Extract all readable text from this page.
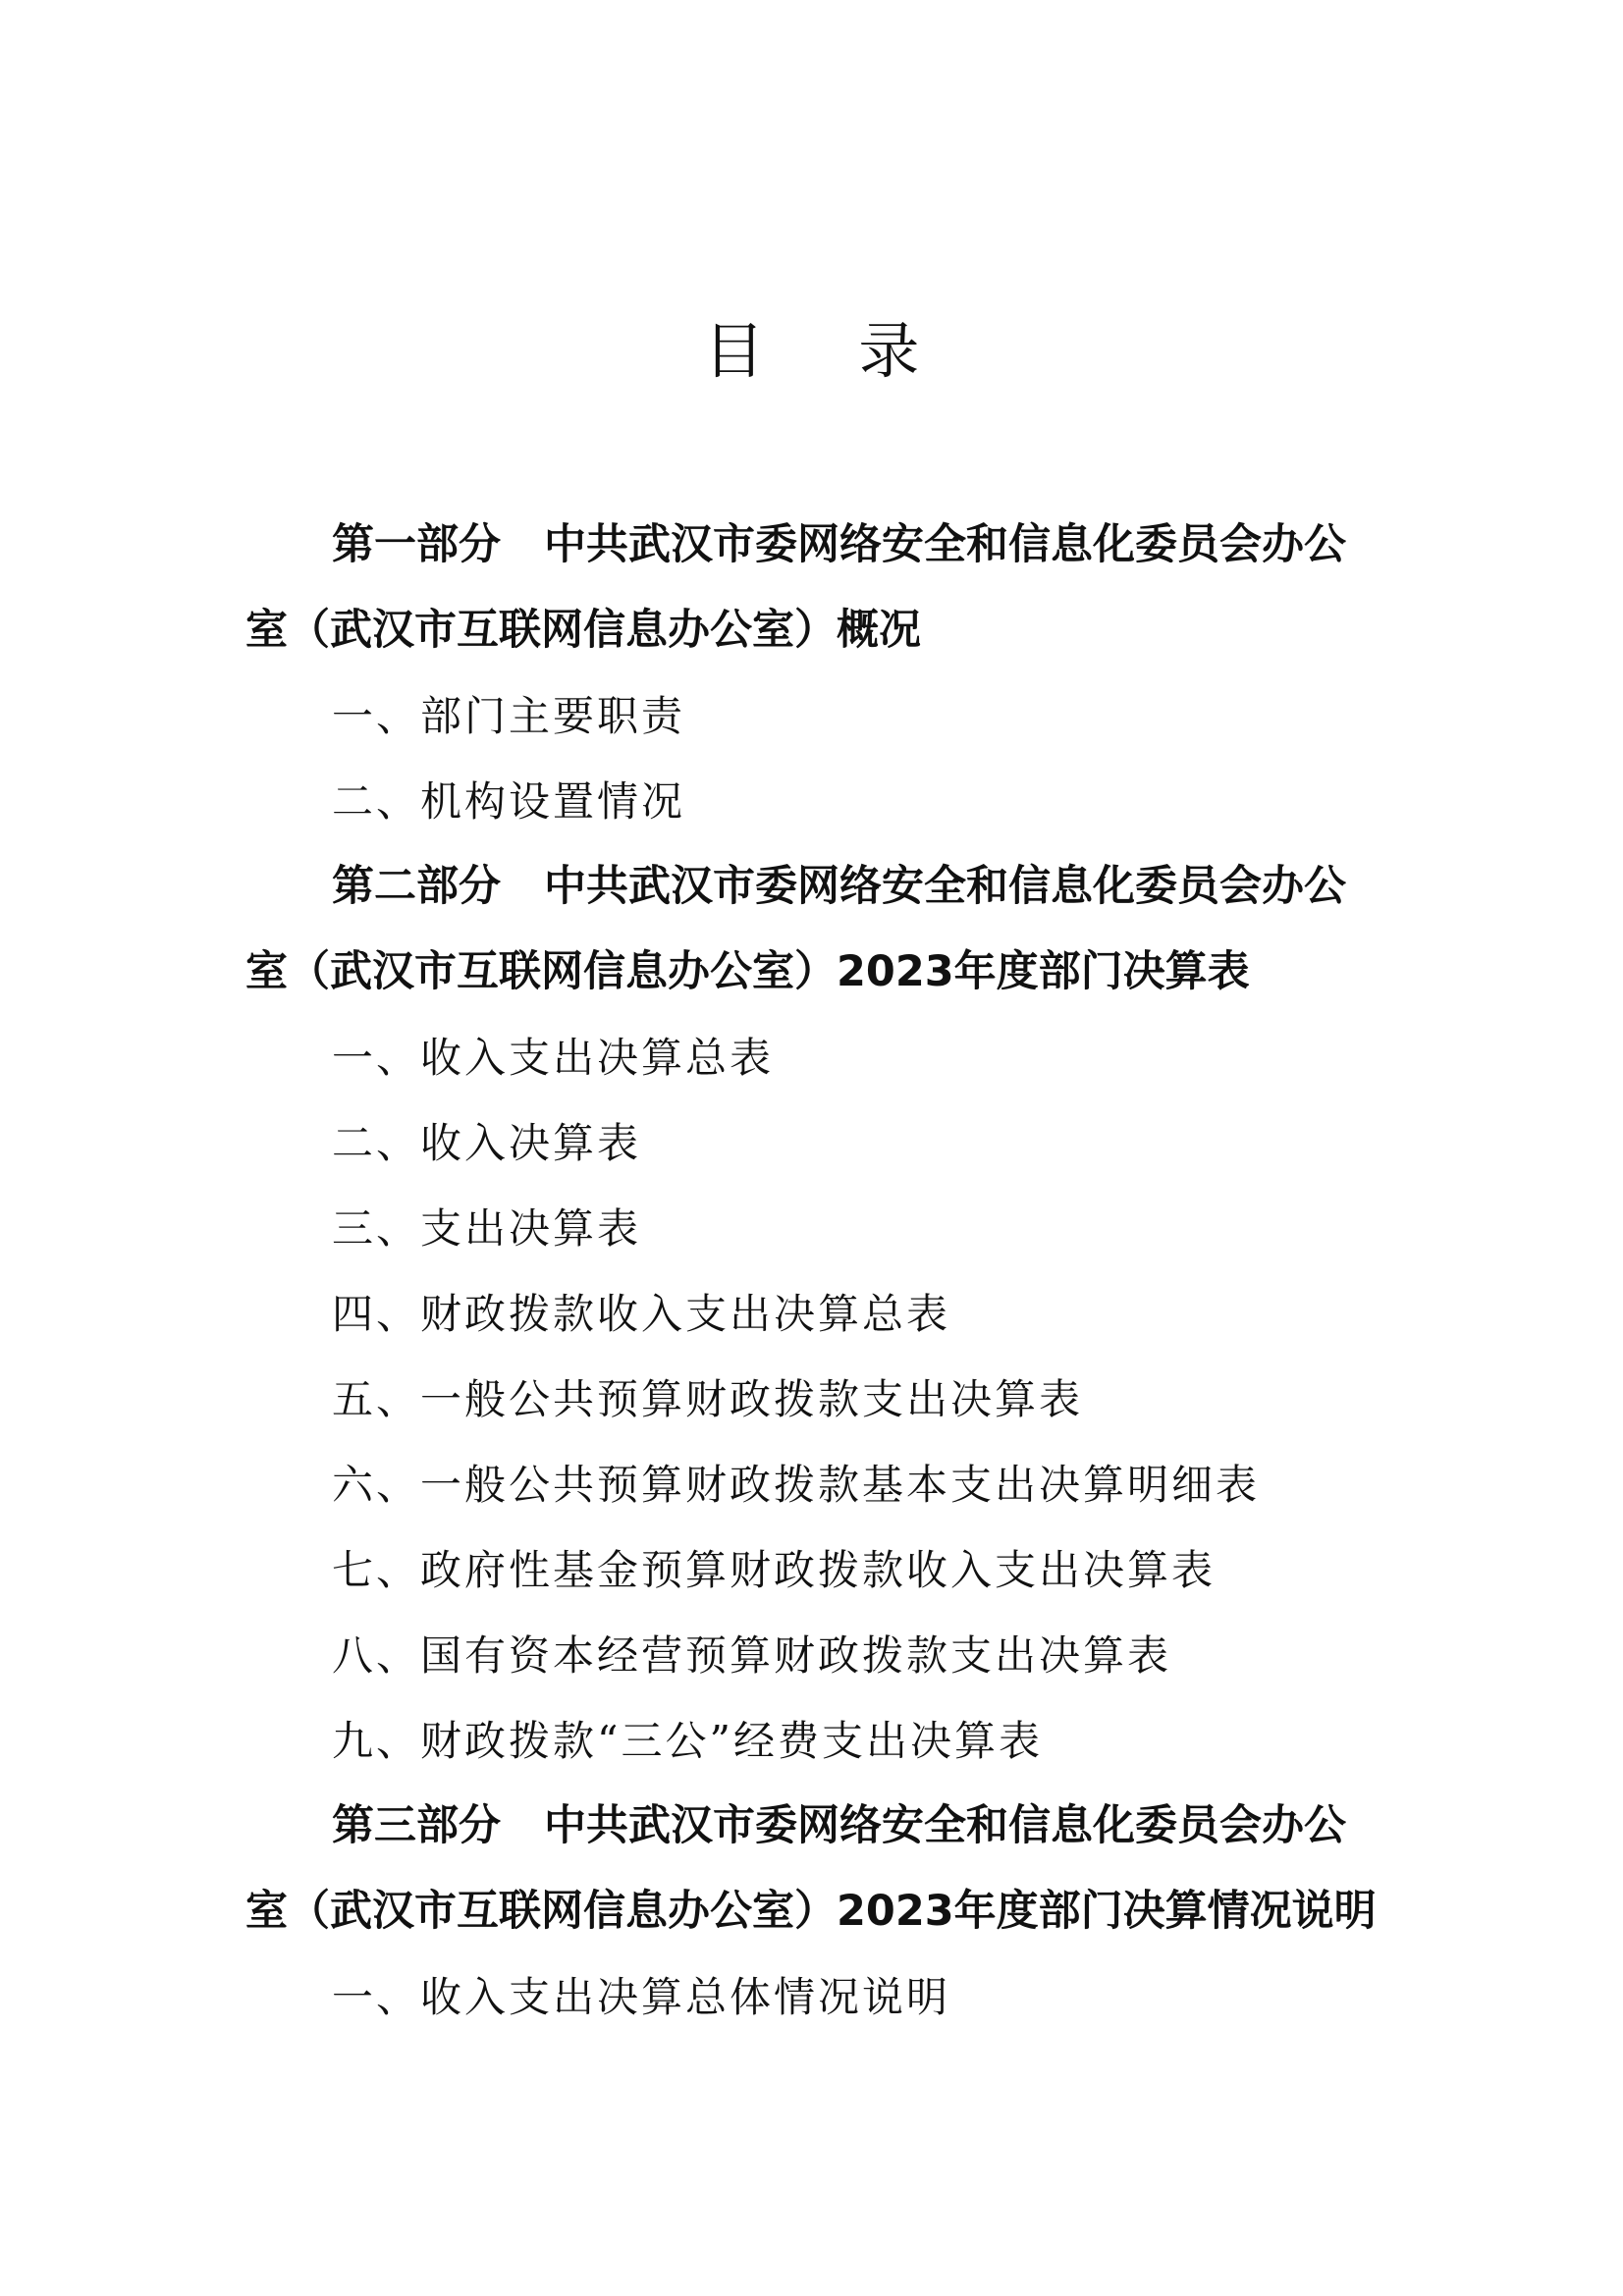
目 录

第一部分 中共武汉市委网络安全和信息化委员会办公室（武汉市互联网信息办公室）概况

一、部门主要职责

二、机构设置情况

第二部分 中共武汉市委网络安全和信息化委员会办公室（武汉市互联网信息办公室）2023年度部门决算表

一、收入支出决算总表

二、收入决算表

三、支出决算表

四、财政拨款收入支出决算总表

五、一般公共预算财政拨款支出决算表

六、一般公共预算财政拨款基本支出决算明细表

七、政府性基金预算财政拨款收入支出决算表

八、国有资本经营预算财政拨款支出决算表

九、财政拨款“三公”经费支出决算表

第三部分 中共武汉市委网络安全和信息化委员会办公室（武汉市互联网信息办公室）2023年度部门决算情况说明

一、收入支出决算总体情况说明
